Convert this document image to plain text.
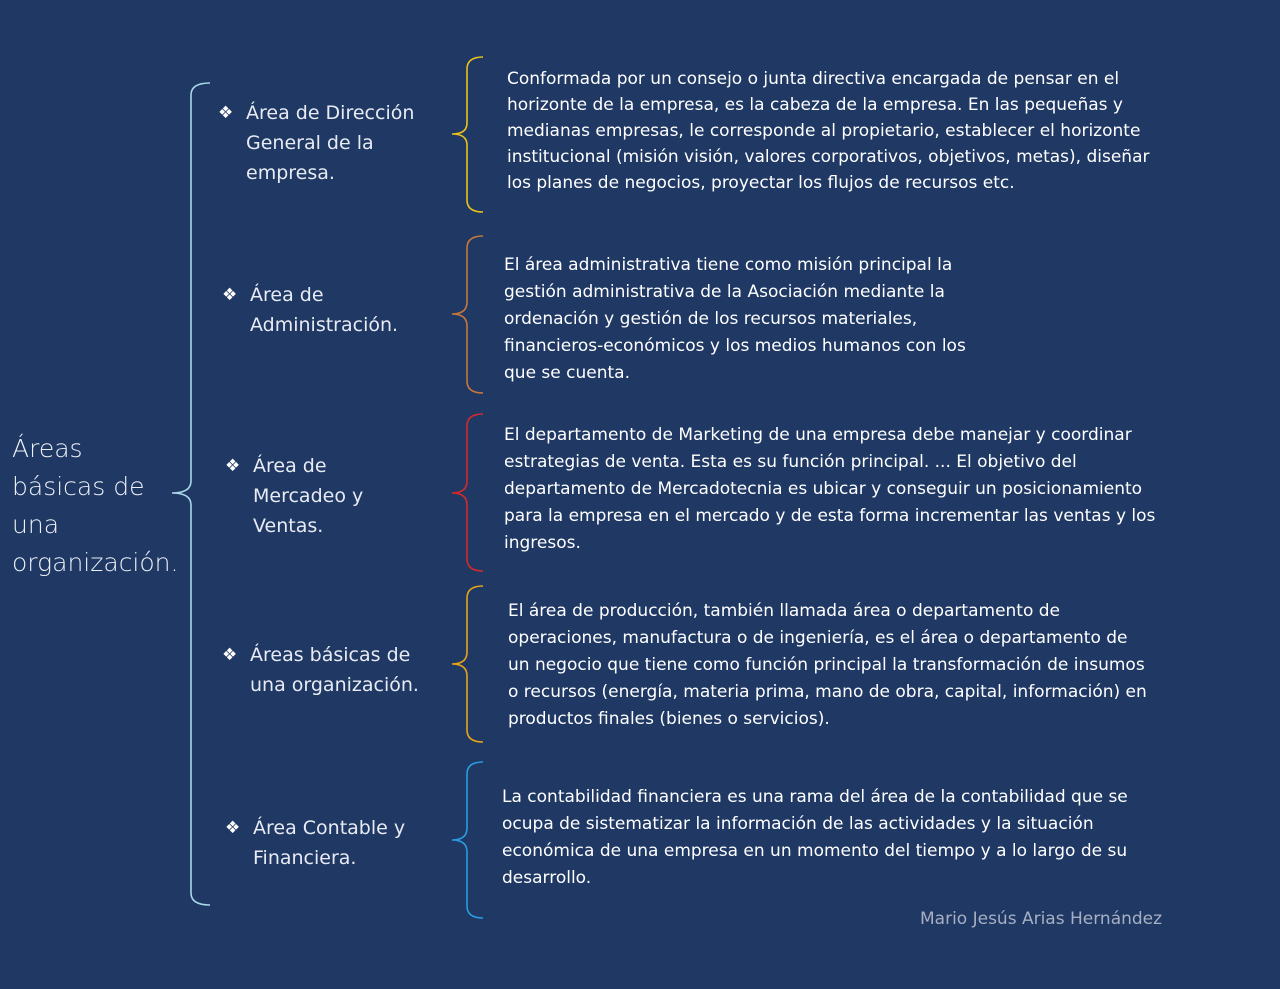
Áreas básicas de una organización.
❖ Área de Dirección General de la empresa.

Conformada por un consejo o junta directiva encargada de pensar en el horizonte de la empresa, es la cabeza de la empresa. En las pequeñas y medianas empresas, le corresponde al propietario, establecer el horizonte institucional (misión visión, valores corporativos, objetivos, metas), diseñar los planes de negocios, proyectar los flujos de recursos etc.

❖ Área de Administración.

El área administrativa tiene como misión principal la gestión administrativa de la Asociación mediante la ordenación y gestión de los recursos materiales, financieros-económicos y los medios humanos con los que se cuenta.

❖ Área de Mercadeo y Ventas.

El departamento de Marketing de una empresa debe manejar y coordinar estrategias de venta. Esta es su función principal. ... El objetivo del departamento de Mercadotecnia es ubicar y conseguir un posicionamiento para la empresa en el mercado y de esta forma incrementar las ventas y los ingresos.

❖ Áreas básicas de una organización.

El área de producción, también llamada área o departamento de operaciones, manufactura o de ingeniería, es el área o departamento de un negocio que tiene como función principal la transformación de insumos o recursos (energía, materia prima, mano de obra, capital, información) en productos finales (bienes o servicios).

❖ Área Contable y Financiera.

La contabilidad financiera es una rama del área de la contabilidad que se ocupa de sistematizar la información de las actividades y la situación económica de una empresa en un momento del tiempo y a lo largo de su desarrollo.

Mario Jesús Arias Hernández
